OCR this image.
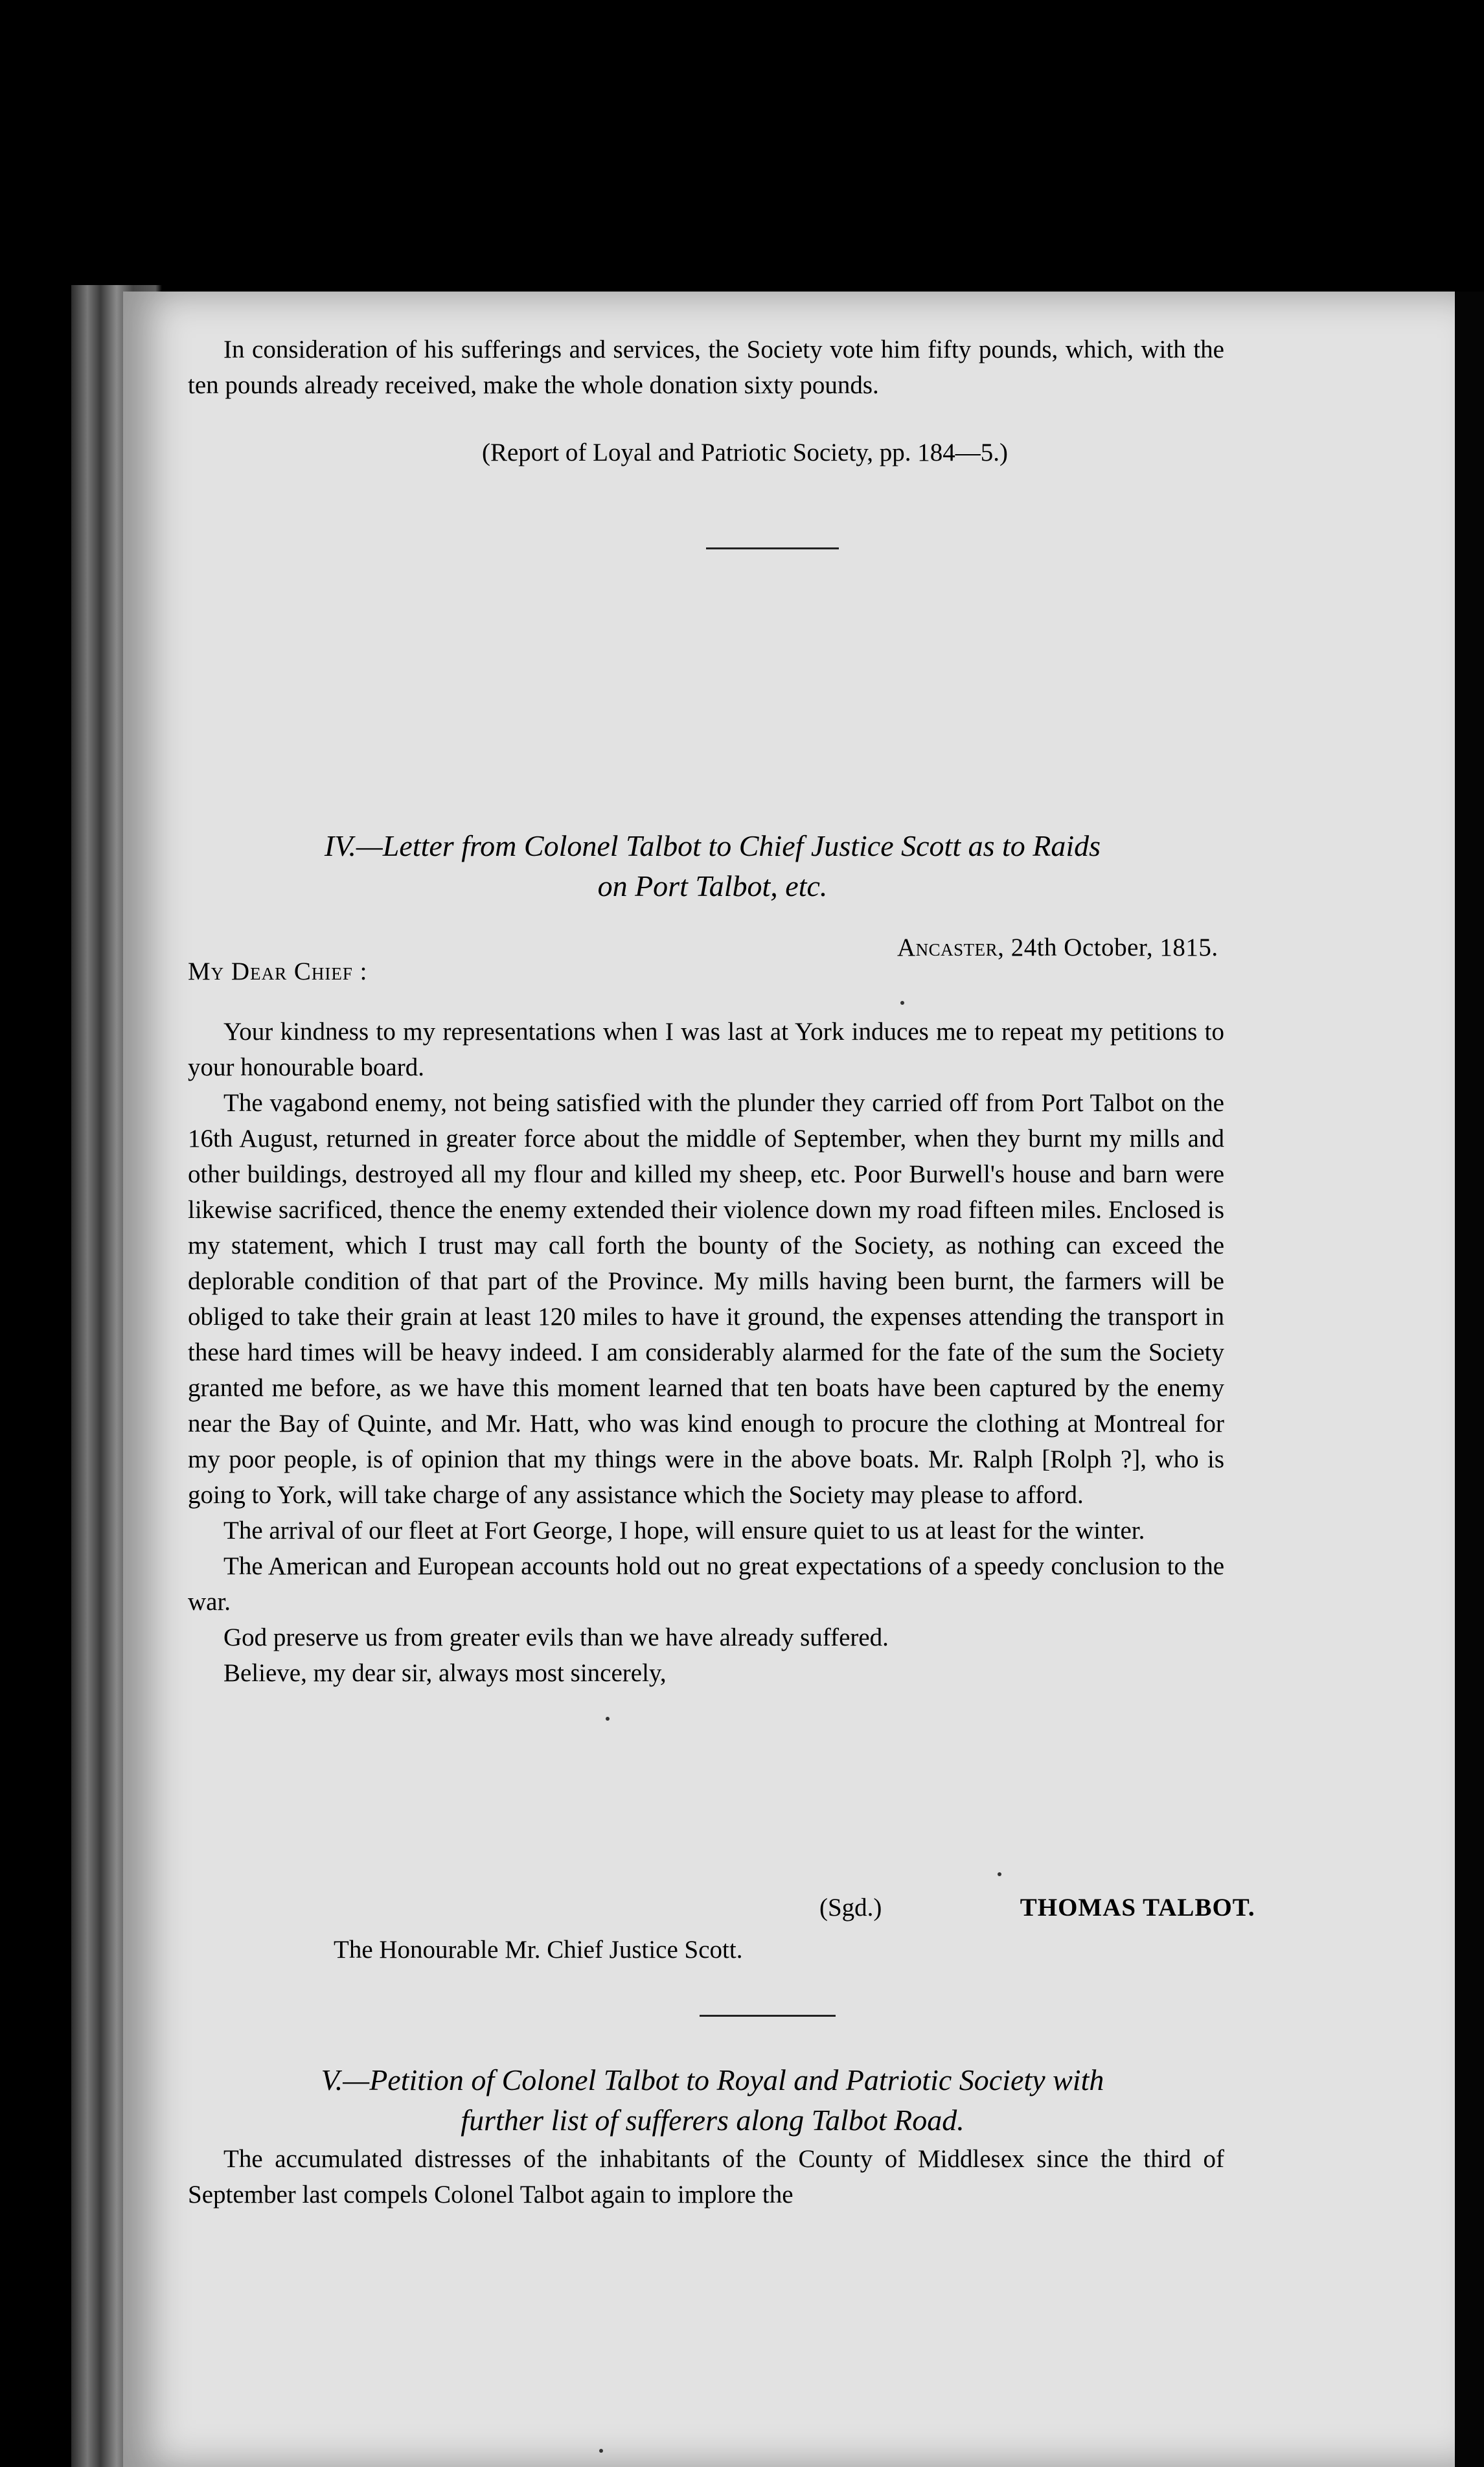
344	THE TALBOT REGIME.
In consideration of his sufferings and services, the Society vote him fifty pounds, which, with the ten pounds already received, make the whole donation sixty pounds.
(Report of Loyal and Patriotic Society, pp. 184—5.)
IV.—Letter from Colonel Talbot to Chief Justice Scott as to Raids
on Port Talbot, etc.
Ancaster, 24th October, 1815.
My Dear Chief :

Your kindness to my representations when I was last at York induces me to repeat my petitions to your honourable board.

The vagabond enemy, not being satisfied with the plunder they carried off from Port Talbot on the 16th August, returned in greater force about the middle of September, when they burnt my mills and other buildings, destroyed all my flour and killed my sheep, etc. Poor Burwell's house and barn were likewise sacrificed, thence the enemy extended their violence down my road fifteen miles. Enclosed is my statement, which I trust may call forth the bounty of the Society, as nothing can exceed the deplorable condition of that part of the Province. My mills having been burnt, the farmers will be obliged to take their grain at least 120 miles to have it ground, the expenses attending the transport in these hard times will be heavy indeed. I am considerably alarmed for the fate of the sum the Society granted me before, as we have this moment learned that ten boats have been captured by the enemy near the Bay of Quinte, and Mr. Hatt, who was kind enough to procure the clothing at Montreal for my poor people, is of opinion that my things were in the above boats. Mr. Ralph [Rolph ?], who is going to York, will take charge of any assistance which the Society may please to afford.

The arrival of our fleet at Fort George, I hope, will ensure quiet to us at least for the winter.

The American and European accounts hold out no great expectations of a speedy conclusion to the war.

God preserve us from greater evils than we have already suffered.

Believe, my dear sir, always most sincerely,

(Sgd.)	THOMAS TALBOT.
The Honourable Mr. Chief Justice Scott.
V.—Petition of Colonel Talbot to Royal and Patriotic Society with
further list of sufferers along Talbot Road.
The accumulated distresses of the inhabitants of the County of Middlesex since the third of September last compels Colonel Talbot again to implore the
